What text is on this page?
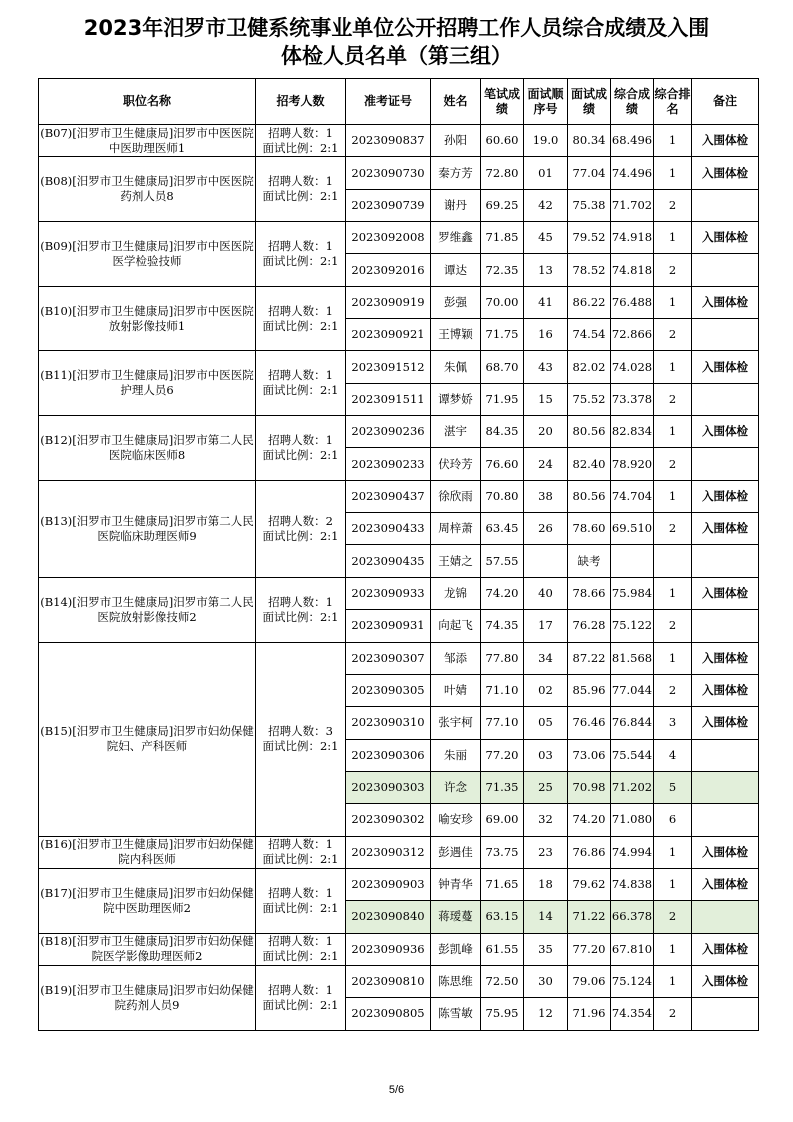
2023年汨罗市卫健系统事业单位公开招聘工作人员综合成绩及入围
体检人员名单（第三组）
职位名称	招考人数	准考证号	姓名	笔试成绩	面试顺序号	面试成绩	综合成绩	综合排名	备注
(B07)[汨罗市卫生健康局]汨罗市中医医院中医助理医师1	招聘人数：1
面试比例：2:1	2023090837	孙阳	60.60	19.0	80.34	68.496	1	入围体检
(B08)[汨罗市卫生健康局]汨罗市中医医院药剂人员8	招聘人数：1
面试比例：2:1	2023090730	秦方芳	72.80	01	77.04	74.496	1	入围体检
		2023090739	谢丹	69.25	42	75.38	71.702	2	
(B09)[汨罗市卫生健康局]汨罗市中医医院医学检验技师	招聘人数：1
面试比例：2:1	2023092008	罗维鑫	71.85	45	79.52	74.918	1	入围体检
		2023092016	谭达	72.35	13	78.52	74.818	2	
(B10)[汨罗市卫生健康局]汨罗市中医医院放射影像技师1	招聘人数：1
面试比例：2:1	2023090919	彭强	70.00	41	86.22	76.488	1	入围体检
		2023090921	王博颖	71.75	16	74.54	72.866	2	
(B11)[汨罗市卫生健康局]汨罗市中医医院护理人员6	招聘人数：1
面试比例：2:1	2023091512	朱佩	68.70	43	82.02	74.028	1	入围体检
		2023091511	谭梦娇	71.95	15	75.52	73.378	2	
(B12)[汨罗市卫生健康局]汨罗市第二人民医院临床医师8	招聘人数：1
面试比例：2:1	2023090236	湛宇	84.35	20	80.56	82.834	1	入围体检
		2023090233	伏玲芳	76.60	24	82.40	78.920	2	
(B13)[汨罗市卫生健康局]汨罗市第二人民医院临床助理医师9	招聘人数：2
面试比例：2:1	2023090437	徐欣雨	70.80	38	80.56	74.704	1	入围体检
		2023090433	周梓萧	63.45	26	78.60	69.510	2	入围体检
		2023090435	王婧之	57.55		缺考			
(B14)[汨罗市卫生健康局]汨罗市第二人民医院放射影像技师2	招聘人数：1
面试比例：2:1	2023090933	龙锦	74.20	40	78.66	75.984	1	入围体检
		2023090931	向起飞	74.35	17	76.28	75.122	2	
(B15)[汨罗市卫生健康局]汨罗市妇幼保健院妇、产科医师	招聘人数：3
面试比例：2:1	2023090307	邹添	77.80	34	87.22	81.568	1	入围体检
		2023090305	叶婧	71.10	02	85.96	77.044	2	入围体检
		2023090310	张宇柯	77.10	05	76.46	76.844	3	入围体检
		2023090306	朱丽	77.20	03	73.06	75.544	4	
		2023090303	许念	71.35	25	70.98	71.202	5	
		2023090302	喻安珍	69.00	32	74.20	71.080	6	
(B16)[汨罗市卫生健康局]汨罗市妇幼保健院内科医师	招聘人数：1
面试比例：2:1	2023090312	彭遇佳	73.75	23	76.86	74.994	1	入围体检
(B17)[汨罗市卫生健康局]汨罗市妇幼保健院中医助理医师2	招聘人数：1
面试比例：2:1	2023090903	钟青华	71.65	18	79.62	74.838	1	入围体检
		2023090840	蒋瑷蔓	63.15	14	71.22	66.378	2	
(B18)[汨罗市卫生健康局]汨罗市妇幼保健院医学影像助理医师2	招聘人数：1
面试比例：2:1	2023090936	彭凯峰	61.55	35	77.20	67.810	1	入围体检
(B19)[汨罗市卫生健康局]汨罗市妇幼保健院药剂人员9	招聘人数：1
面试比例：2:1	2023090810	陈思维	72.50	30	79.06	75.124	1	入围体检
		2023090805	陈雪敏	75.95	12	71.96	74.354	2	
5/6
